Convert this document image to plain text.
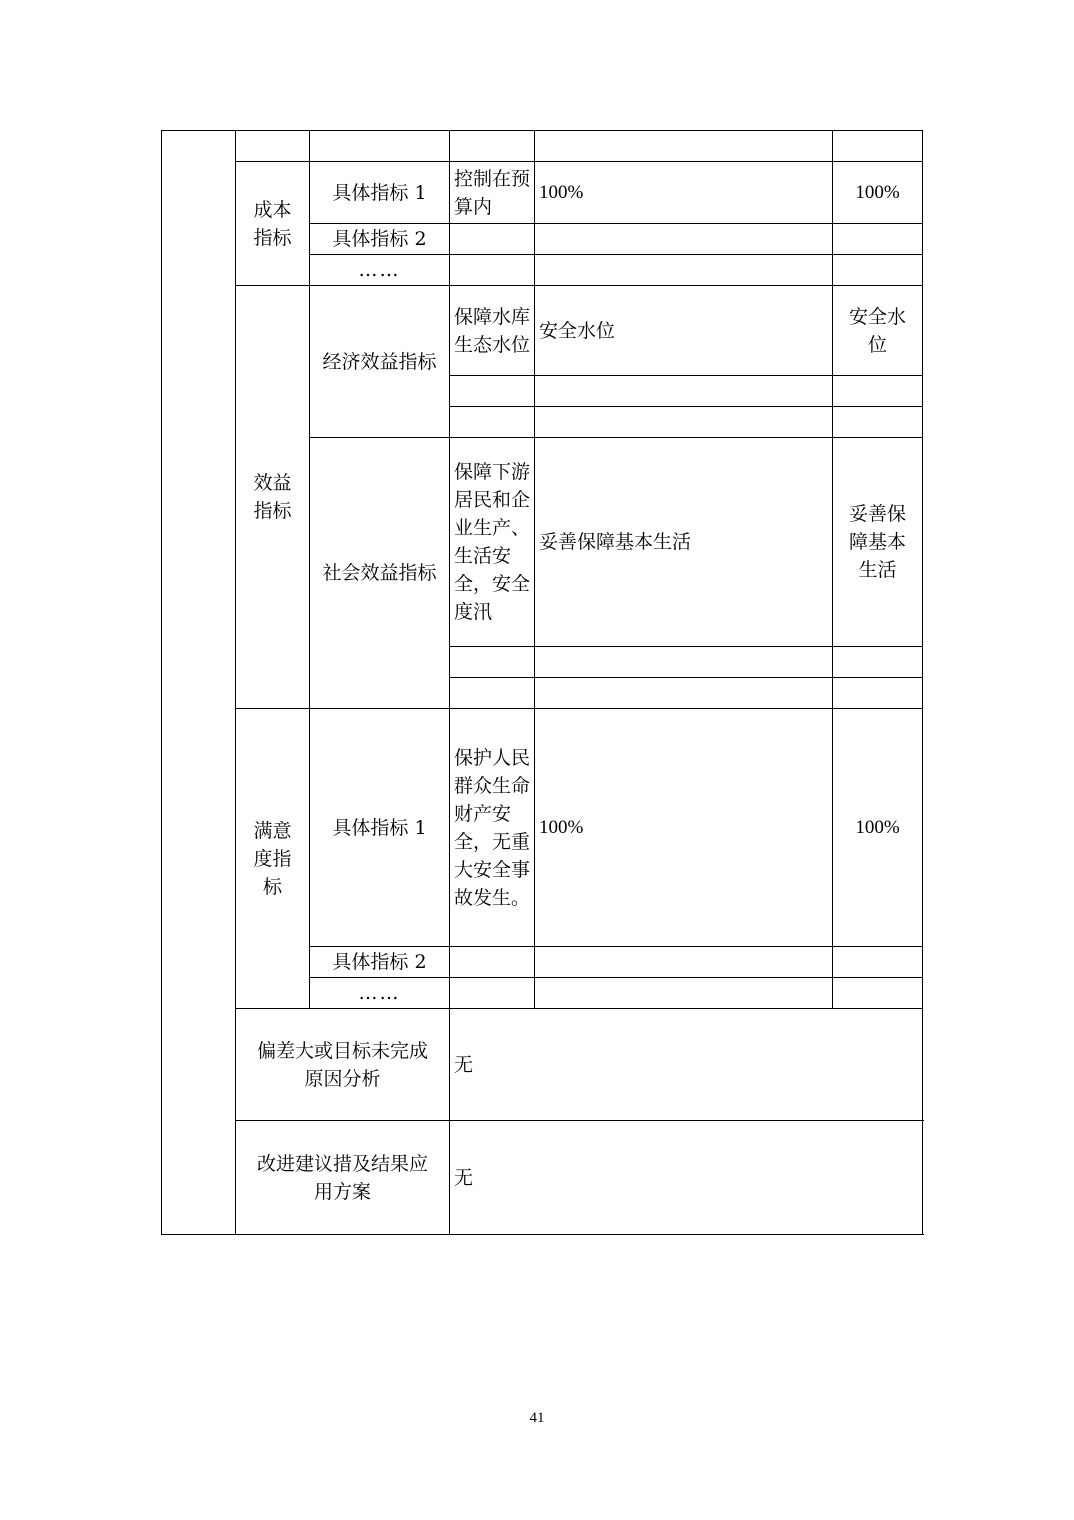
	成本指标	具体指标 1	控制在预算内	100%	100%
		具体指标 2			
		……			
	效益指标	经济效益指标	保障水库生态水位	安全水位	安全水位

		社会效益指标	保障下游居民和企业生产、生活安全，安全度汛	妥善保障基本生活	妥善保障基本生活

	满意度指标	具体指标 1	保护人民群众生命财产安全，无重大安全事故发生。	100%	100%
		具体指标 2			
		……			
	偏差大或目标未完成原因分析		无		
	改进建议措及结果应用方案		无		
41
